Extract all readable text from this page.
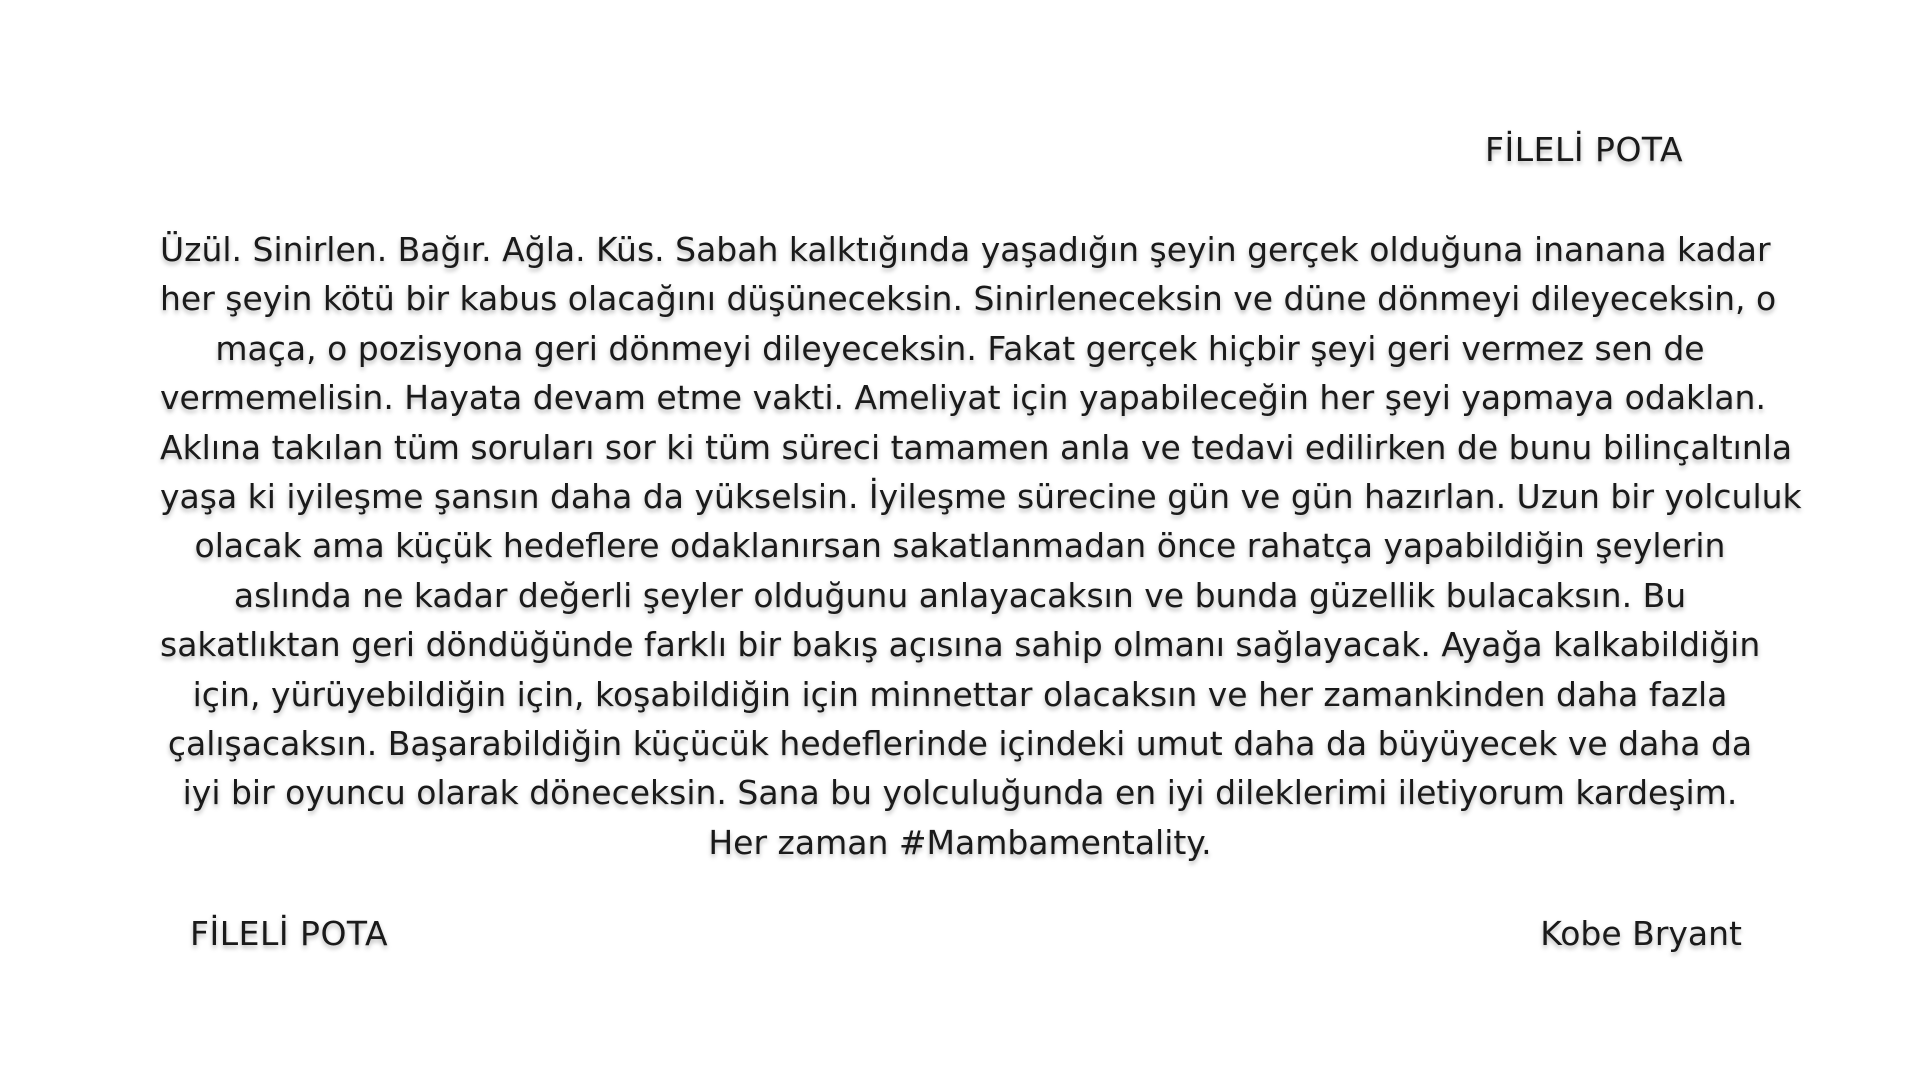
FİLELİ POTA
Üzül. Sinirlen. Bağır. Ağla. Küs. Sabah kalktığında yaşadığın şeyin gerçek olduğuna inanana kadar
her şeyin kötü bir kabus olacağını düşüneceksin. Sinirleneceksin ve düne dönmeyi dileyeceksin, o
maça, o pozisyona geri dönmeyi dileyeceksin. Fakat gerçek hiçbir şeyi geri vermez sen de
vermemelisin. Hayata devam etme vakti. Ameliyat için yapabileceğin her şeyi yapmaya odaklan.
Aklına takılan tüm soruları sor ki tüm süreci tamamen anla ve tedavi edilirken de bunu bilinçaltınla
yaşa ki iyileşme şansın daha da yükselsin. İyileşme sürecine gün ve gün hazırlan. Uzun bir yolculuk
olacak ama küçük hedeflere odaklanırsan sakatlanmadan önce rahatça yapabildiğin şeylerin
aslında ne kadar değerli şeyler olduğunu anlayacaksın ve bunda güzellik bulacaksın. Bu
sakatlıktan geri döndüğünde farklı bir bakış açısına sahip olmanı sağlayacak. Ayağa kalkabildiğin
için, yürüyebildiğin için, koşabildiğin için minnettar olacaksın ve her zamankinden daha fazla
çalışacaksın. Başarabildiğin küçücük hedeflerinde içindeki umut daha da büyüyecek ve daha da
iyi bir oyuncu olarak döneceksin. Sana bu yolculuğunda en iyi dileklerimi iletiyorum kardeşim.
Her zaman #Mambamentality.
FİLELİ POTA	Kobe Bryant
